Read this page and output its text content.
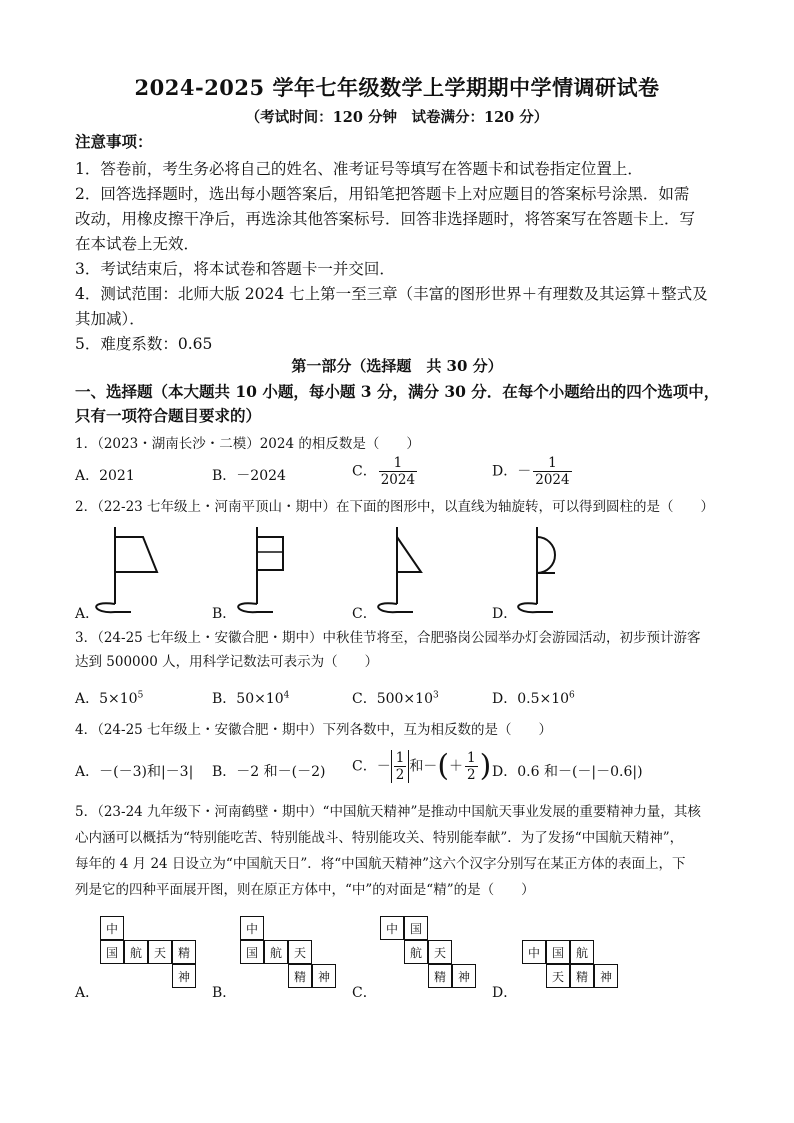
2024-2025 学年七年级数学上学期期中学情调研试卷
（考试时间：120 分钟　试卷满分：120 分）
注意事项：
1．答卷前，考生务必将自己的姓名、准考证号等填写在答题卡和试卷指定位置上．
2．回答选择题时，选出每小题答案后，用铅笔把答题卡上对应题目的答案标号涂黑．如需
改动，用橡皮擦干净后，再选涂其他答案标号．回答非选择题时，将答案写在答题卡上．写
在本试卷上无效．
3．考试结束后，将本试卷和答题卡一并交回．
4．测试范围：北师大版 2024 七上第一至三章（丰富的图形世界＋有理数及其运算＋整式及
其加减）．
5．难度系数：0.65
第一部分（选择题　共 30 分）
一、选择题（本大题共 10 小题，每小题 3 分，满分 30 分．在每个小题给出的四个选项中，
只有一项符合题目要求的）
1．（2023・湖南长沙・二模）2024 的相反数是（　　）
A．2021	B．－2024	C． $\frac{1}{2024}$	D．－ $\frac{1}{2024}$
2．（22-23 七年级上・河南平顶山・期中）在下面的图形中，以直线为轴旋转，可以得到圆柱的是（　　）
A．	B．	C．	D．
3．（24-25 七年级上・安徽合肥・期中）中秋佳节将至，合肥骆岗公园举办灯会游园活动，初步预计游客
达到 500000 人，用科学记数法可表示为（　　）
A．$5\times 10^5$	B．$50\times 10^4$	C．$500\times 10^3$	D．$0.5\times 10^6$
4．（24-25 七年级上・安徽合肥・期中）下列各数中，互为相反数的是（　　）
A．－(－3)和|－3| B．－2 和－(－2) C．－ $\frac{1}{2}$ 和－(＋ $\frac{1}{2}$ ) D．0.6 和－(－|－0.6|)
5．（23-24 九年级下・河南鹤壁・期中）“中国航天精神”是推动中国航天事业发展的重要精神力量，其核
心内涵可以概括为“特别能吃苦、特别能战斗、特别能攻关、特别能奉献”．为了发扬“中国航天精神”，
每年的 4 月 24 日设立为“中国航天日”．将“中国航天精神”这六个汉字分别写在某正方体的表面上，下
列是它的四种平面展开图，则在原正方体中，“中”的对面是“精”的是（　　）
中
国 航 天 精
神
A．
中
国 航 天
精 神
B．
中 国
航 天
精 神
C．
中 国 航
天 精 神
D．
